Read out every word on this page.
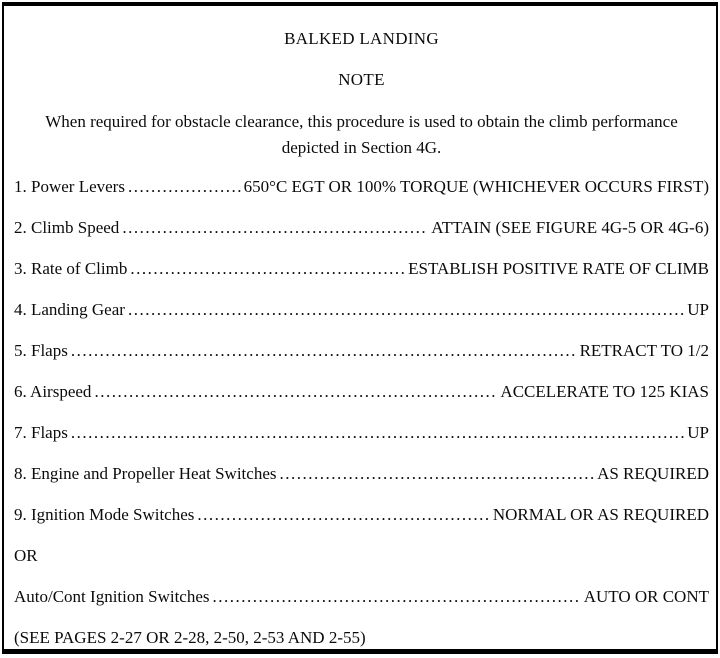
BALKED LANDING
NOTE
When required for obstacle clearance, this procedure is used to obtain the climb performance depicted in Section 4G.
1. Power Levers .....	650°C EGT OR 100% TORQUE (WHICHEVER OCCURS FIRST)
2. Climb Speed .....	ATTAIN (SEE FIGURE 4G-5 OR 4G-6)
3. Rate of Climb .....	ESTABLISH POSITIVE RATE OF CLIMB
4. Landing Gear .....	UP
5. Flaps .....	RETRACT TO 1/2
6. Airspeed .....	ACCELERATE TO 125 KIAS
7. Flaps .....	UP
8. Engine and Propeller Heat Switches .....	AS REQUIRED
9. Ignition Mode Switches .....	NORMAL OR AS REQUIRED
OR
Auto/Cont Ignition Switches .....	AUTO OR CONT
(SEE PAGES 2-27 OR 2-28, 2-50, 2-53 AND 2-55)
